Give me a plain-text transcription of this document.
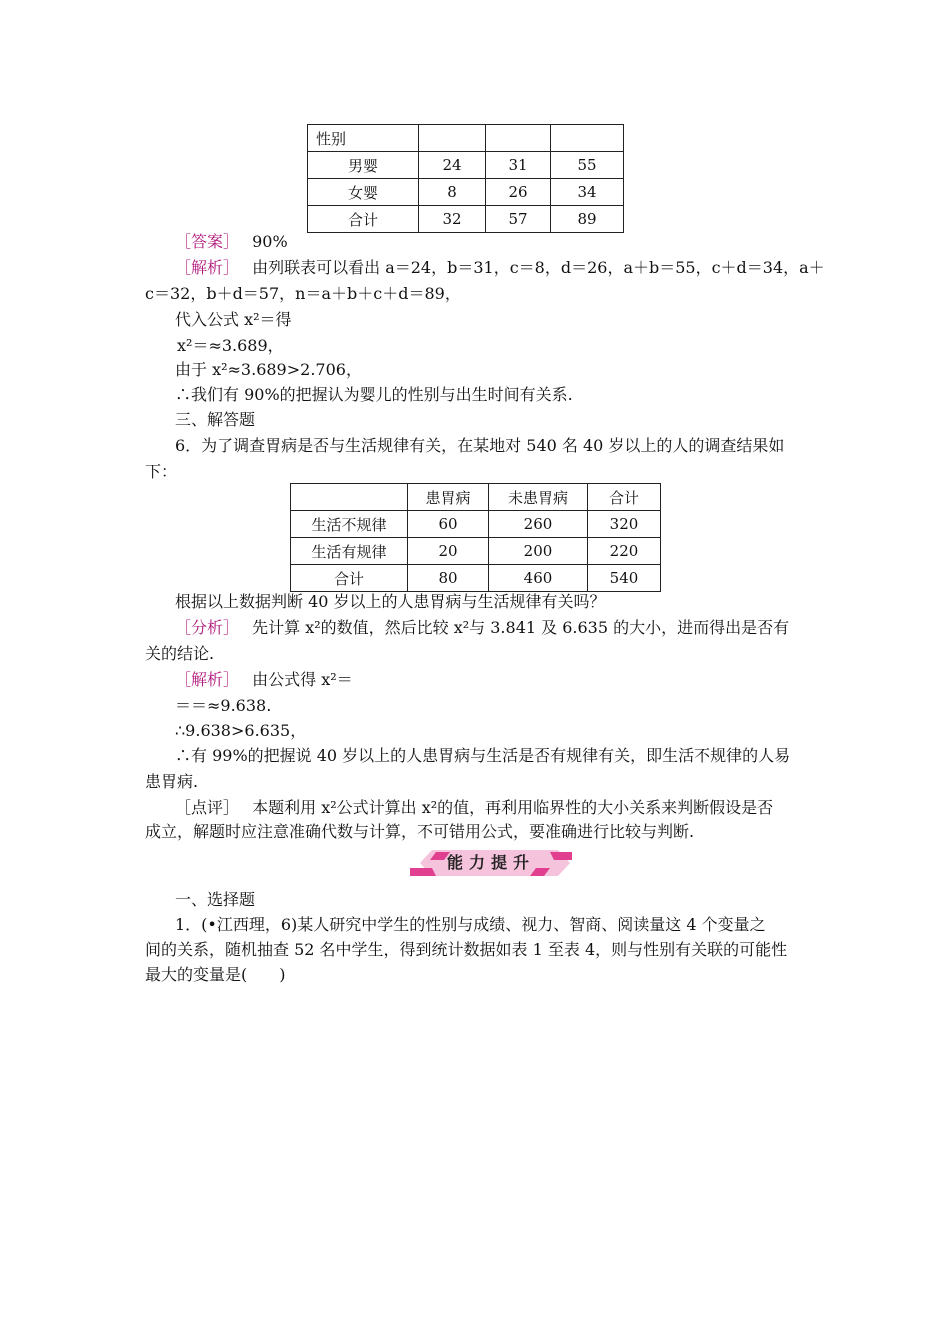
性别			
男婴	24	31	55
女婴	8	26	34
合计	32	57	89
［答案］ 90%
［解析］ 由列联表可以看出 a＝24，b＝31，c＝8，d＝26，a＋b＝55，c＋d＝34，a＋
c＝32，b＋d＝57，n＝a＋b＋c＋d＝89，
代入公式 x²＝得
x²＝≈3.689，
由于 x²≈3.689>2.706，
∴我们有 90%的把握认为婴儿的性别与出生时间有关系.
三、解答题
6．为了调查胃病是否与生活规律有关，在某地对 540 名 40 岁以上的人的调查结果如
下：
	患胃病	未患胃病	合计
生活不规律	60	260	320
生活有规律	20	200	220
合计	80	460	540
根据以上数据判断 40 岁以上的人患胃病与生活规律有关吗？
［分析］ 先计算 x²的数值，然后比较 x²与 3.841 及 6.635 的大小，进而得出是否有
关的结论.
［解析］ 由公式得 x²＝
＝＝≈9.638.
∴9.638>6.635，
∴有 99%的把握说 40 岁以上的人患胃病与生活是否有规律有关，即生活不规律的人易
患胃病.
［点评］ 本题利用 x²公式计算出 x²的值，再利用临界性的大小关系来判断假设是否
成立，解题时应注意准确代数与计算，不可错用公式，要准确进行比较与判断.
能力提升
一、选择题
1．(•江西理，6)某人研究中学生的性别与成绩、视力、智商、阅读量这 4 个变量之
间的关系，随机抽查 52 名中学生，得到统计数据如表 1 至表 4，则与性别有关联的可能性
最大的变量是(　　)
